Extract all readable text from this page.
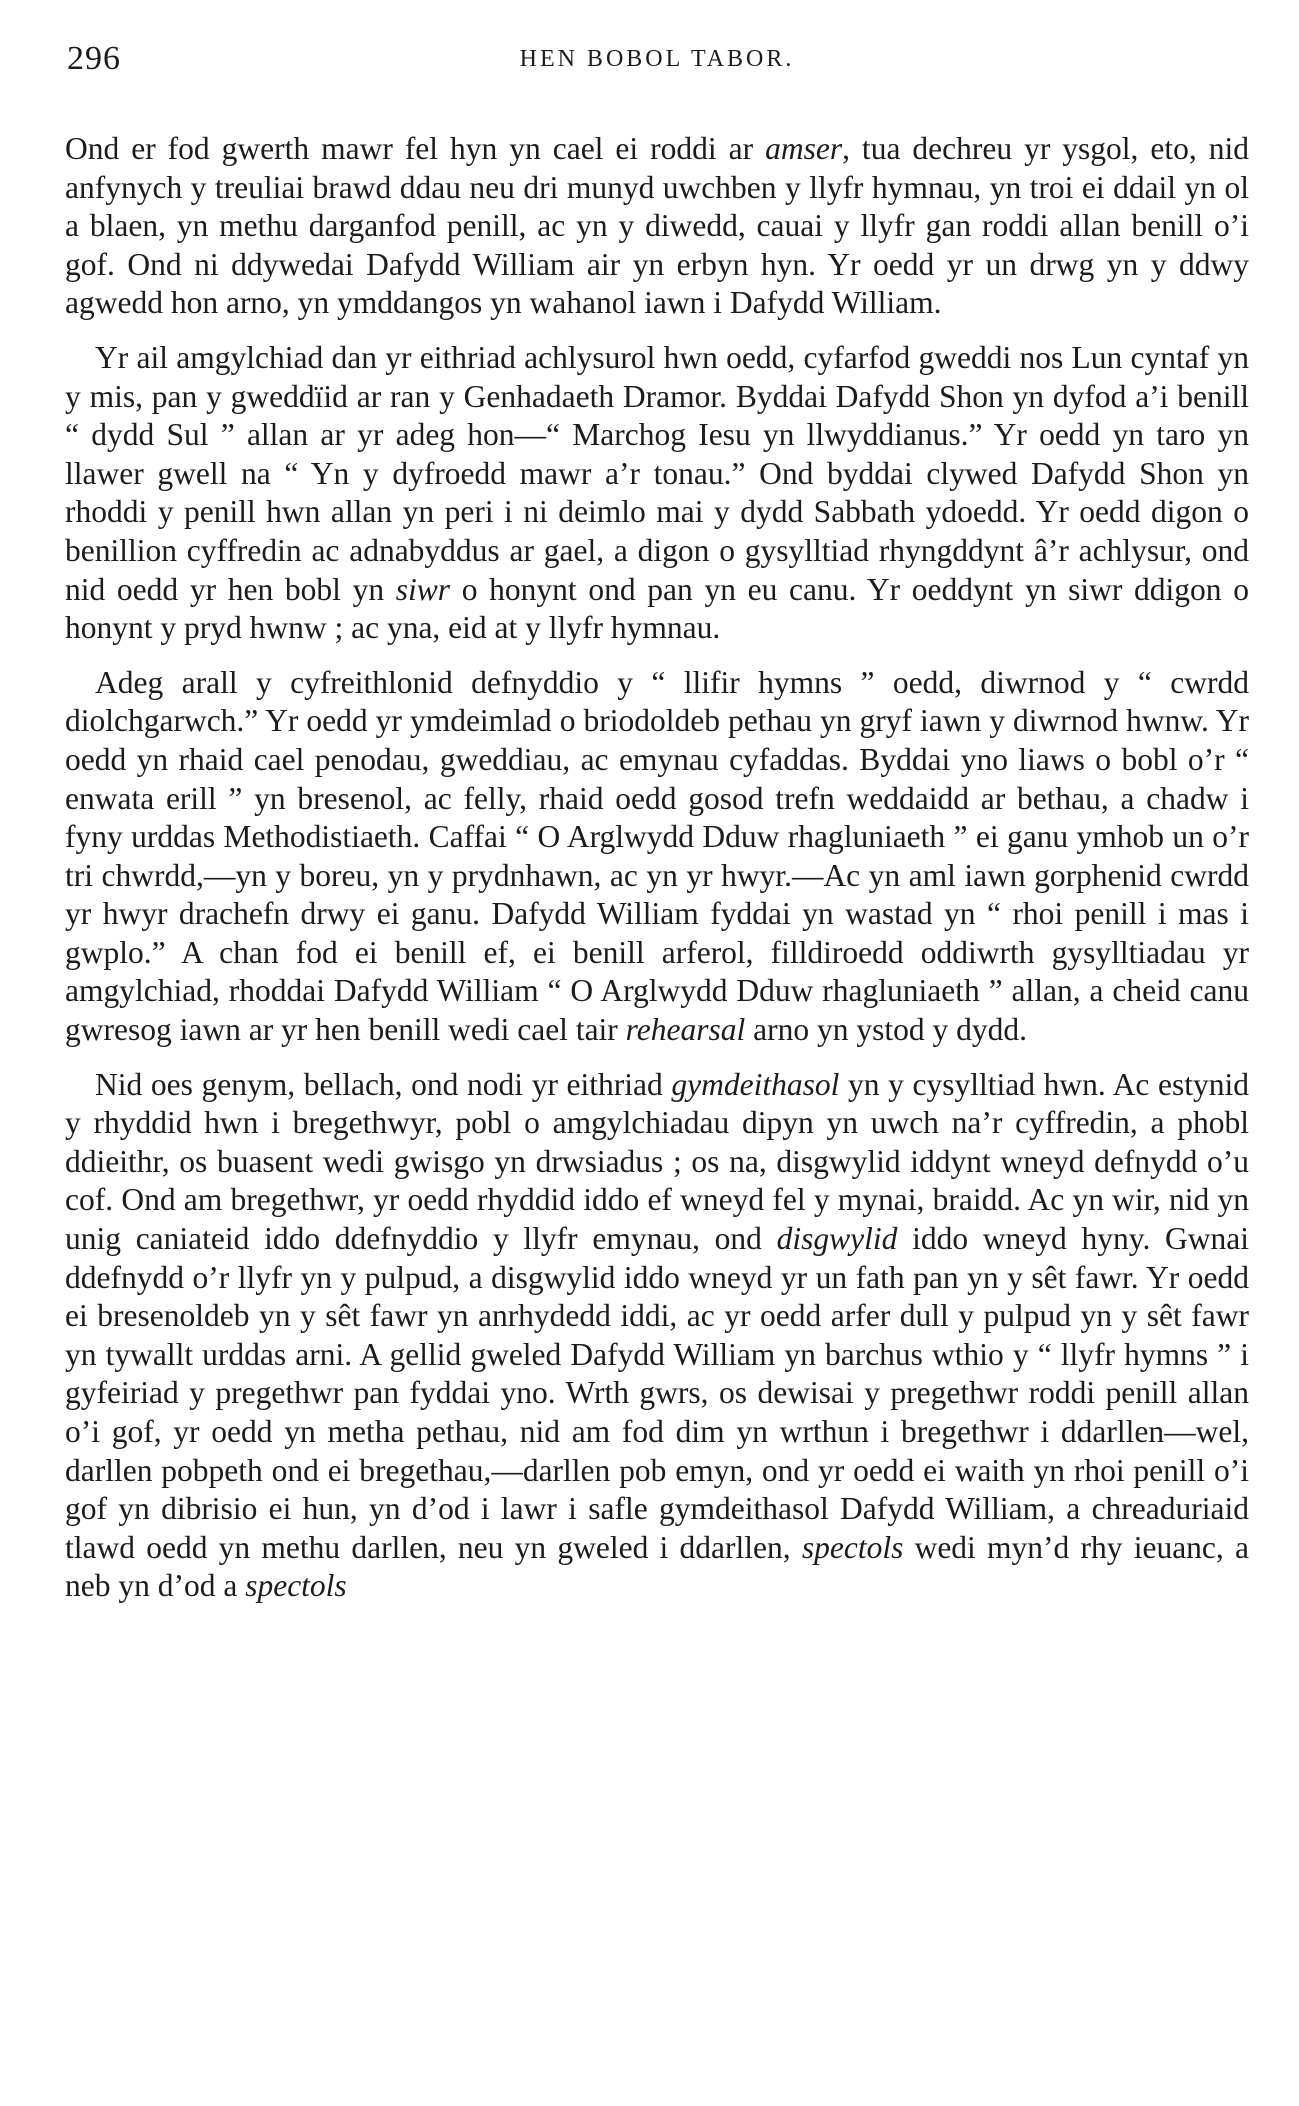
296	HEN BOBOL TABOR.

Ond er fod gwerth mawr fel hyn yn cael ei roddi ar amser, tua dechreu yr ysgol, eto, nid anfynych y treuliai brawd ddau neu dri munyd uwchben y llyfr hymnau, yn troi ei ddail yn ol a blaen, yn methu darganfod penill, ac yn y diwedd, cauai y llyfr gan roddi allan benill o’i gof. Ond ni ddywedai Dafydd William air yn erbyn hyn. Yr oedd yr un drwg yn y ddwy agwedd hon arno, yn ymddangos yn wahanol iawn i Dafydd William.

Yr ail amgylchiad dan yr eithriad achlysurol hwn oedd, cyfarfod gweddi nos Lun cyntaf yn y mis, pan y gweddïid ar ran y Genhadaeth Dramor. Byddai Dafydd Shon yn dyfod a’i benill “ dydd Sul ” allan ar yr adeg hon—“ Marchog Iesu yn llwyddianus.” Yr oedd yn taro yn llawer gwell na “ Yn y dyfroedd mawr a’r tonau.” Ond byddai clywed Dafydd Shon yn rhoddi y penill hwn allan yn peri i ni deimlo mai y dydd Sabbath ydoedd. Yr oedd digon o benillion cyffredin ac adnabyddus ar gael, a digon o gysylltiad rhyngddynt â’r achlysur, ond nid oedd yr hen bobl yn siwr o honynt ond pan yn eu canu. Yr oeddynt yn siwr ddigon o honynt y pryd hwnw ; ac yna, eid at y llyfr hymnau.

Adeg arall y cyfreithlonid defnyddio y “ llifir hymns ” oedd, diwrnod y “ cwrdd diolchgarwch.” Yr oedd yr ymdeimlad o briodoldeb pethau yn gryf iawn y diwrnod hwnw. Yr oedd yn rhaid cael penodau, gweddiau, ac emynau cyfaddas. Byddai yno liaws o bobl o’r “ enwata erill ” yn bresenol, ac felly, rhaid oedd gosod trefn weddaidd ar bethau, a chadw i fyny urddas Methodistiaeth. Caffai “ O Arglwydd Dduw rhagluniaeth ” ei ganu ymhob un o’r tri chwrdd,—yn y boreu, yn y prydnhawn, ac yn yr hwyr.—Ac yn aml iawn gorphenid cwrdd yr hwyr drachefn drwy ei ganu. Dafydd William fyddai yn wastad yn “ rhoi penill i mas i gwplo.” A chan fod ei benill ef, ei benill arferol, filldiroedd oddiwrth gysylltiadau yr amgylchiad, rhoddai Dafydd William “ O Arglwydd Dduw rhagluniaeth ” allan, a cheid canu gwresog iawn ar yr hen benill wedi cael tair rehearsal arno yn ystod y dydd.

Nid oes genym, bellach, ond nodi yr eithriad gymdeithasol yn y cysylltiad hwn. Ac estynid y rhyddid hwn i bregethwyr, pobl o amgylchiadau dipyn yn uwch na’r cyffredin, a phobl ddieithr, os buasent wedi gwisgo yn drwsiadus ; os na, disgwylid iddynt wneyd defnydd o’u cof. Ond am bregethwr, yr oedd rhyddid iddo ef wneyd fel y mynai, braidd. Ac yn wir, nid yn unig caniateid iddo ddefnyddio y llyfr emynau, ond disgwylid iddo wneyd hyny. Gwnai ddefnydd o’r llyfr yn y pulpud, a disgwylid iddo wneyd yr un fath pan yn y sêt fawr. Yr oedd ei bresenoldeb yn y sêt fawr yn anrhydedd iddi, ac yr oedd arfer dull y pulpud yn y sêt fawr yn tywallt urddas arni. A gellid gweled Dafydd William yn barchus wthio y “ llyfr hymns ” i gyfeiriad y pregethwr pan fyddai yno. Wrth gwrs, os dewisai y pregethwr roddi penill allan o’i gof, yr oedd yn metha pethau, nid am fod dim yn wrthun i bregethwr i ddarllen—wel, darllen pobpeth ond ei bregethau,—darllen pob emyn, ond yr oedd ei waith yn rhoi penill o’i gof yn dibrisio ei hun, yn d’od i lawr i safle gymdeithasol Dafydd William, a chreaduriaid tlawd oedd yn methu darllen, neu yn gweled i ddarllen, spectols wedi myn’d rhy ieuanc, a neb yn d’od a spectols
